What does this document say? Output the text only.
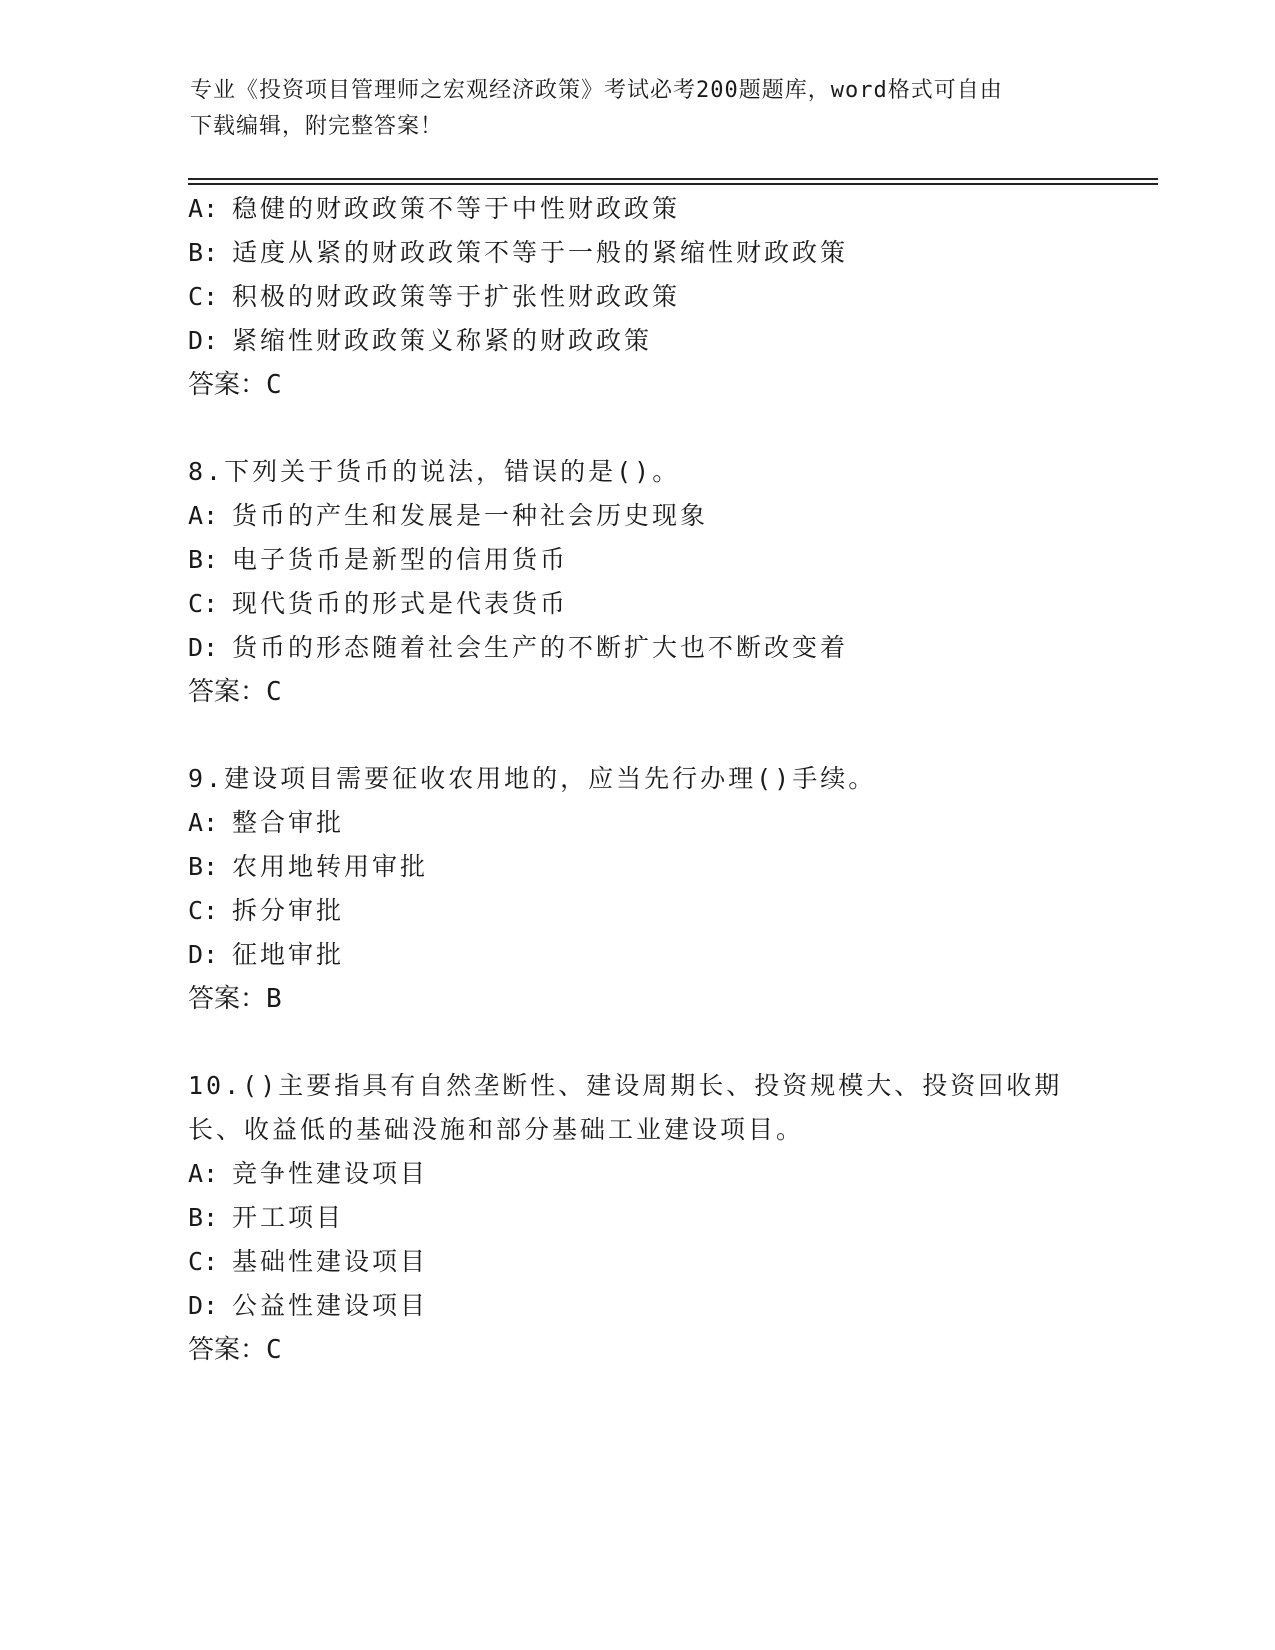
专业《投资项目管理师之宏观经济政策》考试必考200题题库，word格式可自由
下载编辑，附完整答案！
A: 稳健的财政政策不等于中性财政政策
B: 适度从紧的财政政策不等于一般的紧缩性财政政策
C: 积极的财政政策等于扩张性财政政策
D: 紧缩性财政政策义称紧的财政政策
答案：C
8.下列关于货币的说法，错误的是()。
A: 货币的产生和发展是一种社会历史现象
B: 电子货币是新型的信用货币
C: 现代货币的形式是代表货币
D: 货币的形态随着社会生产的不断扩大也不断改变着
答案：C
9.建设项目需要征收农用地的，应当先行办理()手续。
A: 整合审批
B: 农用地转用审批
C: 拆分审批
D: 征地审批
答案：B
10.()主要指具有自然垄断性、建设周期长、投资规模大、投资回收期
长、收益低的基础没施和部分基础工业建设项目。
A: 竞争性建设项目
B: 开工项目
C: 基础性建设项目
D: 公益性建设项目
答案：C
